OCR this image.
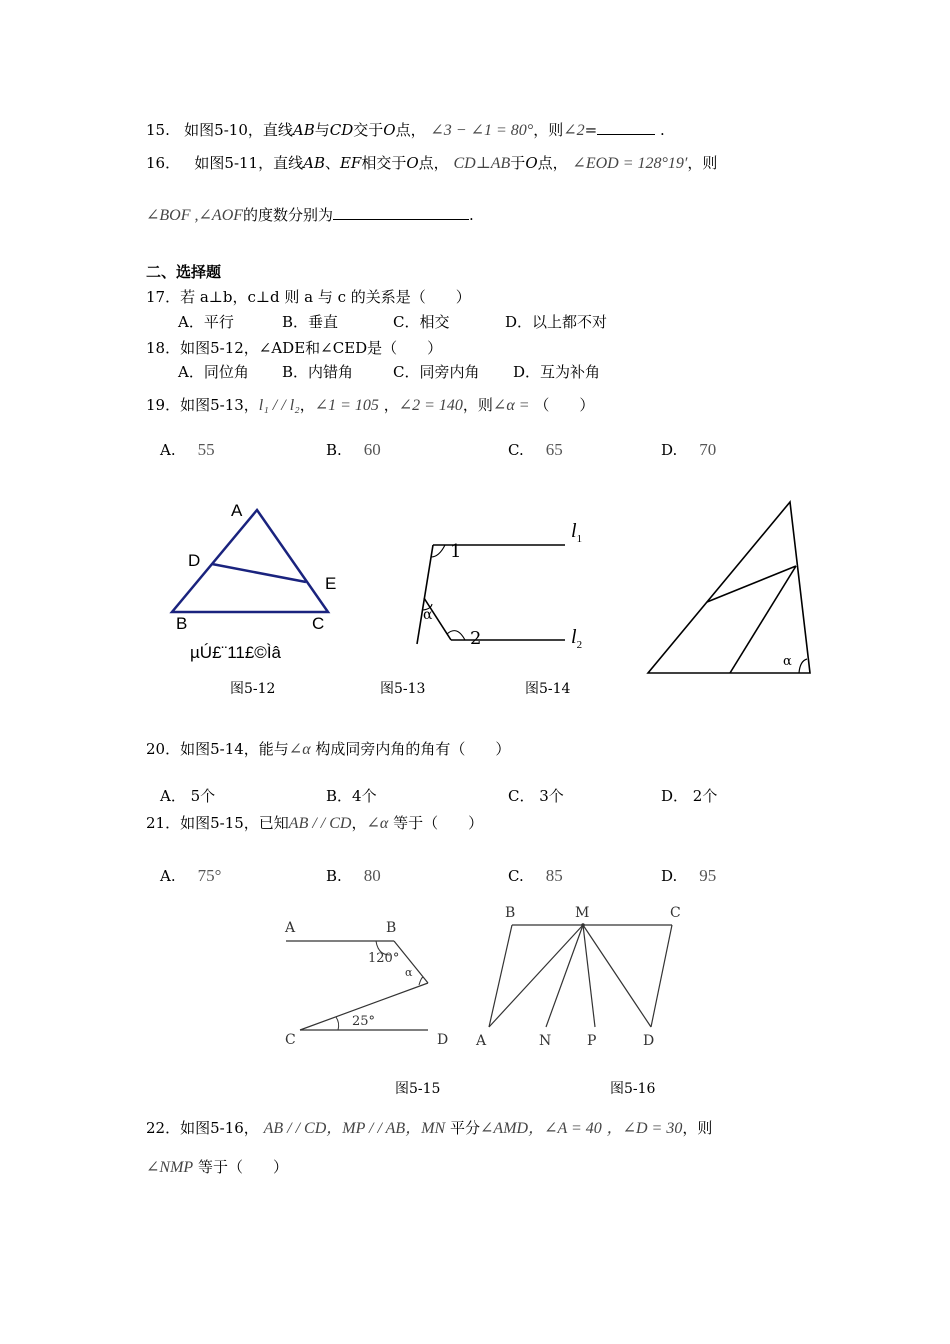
15. 如图5-10，直线AB与CD交于O点， ∠3 − ∠1 = 80°，则∠2=	.
16． 如图5-11，直线AB、EF相交于O点， CD⊥AB于O点， ∠EOD = 128°19′，则
∠BOF ,∠AOF的度数分别为	.
二、选择题
17．若 a⊥b，c⊥d 则 a 与 c 的关系是（　　）
A．平行	B．垂直	C．相交	D．以上都不对
18．如图5-12，∠ADE和∠CED是（　　）
A．同位角 B．内错角	C．同旁内角 D．互为补角
19．如图5-13，l₁ / / l₂，∠1 = 105 ，∠2 = 140，则∠α = （　　）
A. 55	B. 60	C. 65	D. 70
A
D
E
B	C
µÚ£¨11£©Ìâ
图5-12
1
α
2
$l_1$
$l_2$
图5-13
α
图5-14
20．如图5-14，能与∠α 构成同旁内角的角有（　　）
A． 5个	B．4个	C． 3个	D． 2个
21．如图5-15，已知AB / / CD，∠α 等于（　　）
A. 75°	B. 80	C. 85	D. 95
A	B
120°
α
25°
C	D
图5-15
B	M	C
A	N	P	D
图5-16
22．如图5-16， AB / / CD，MP / / AB，MN 平分∠AMD，∠A = 40 ，∠D = 30，则
∠NMP 等于（　　）
